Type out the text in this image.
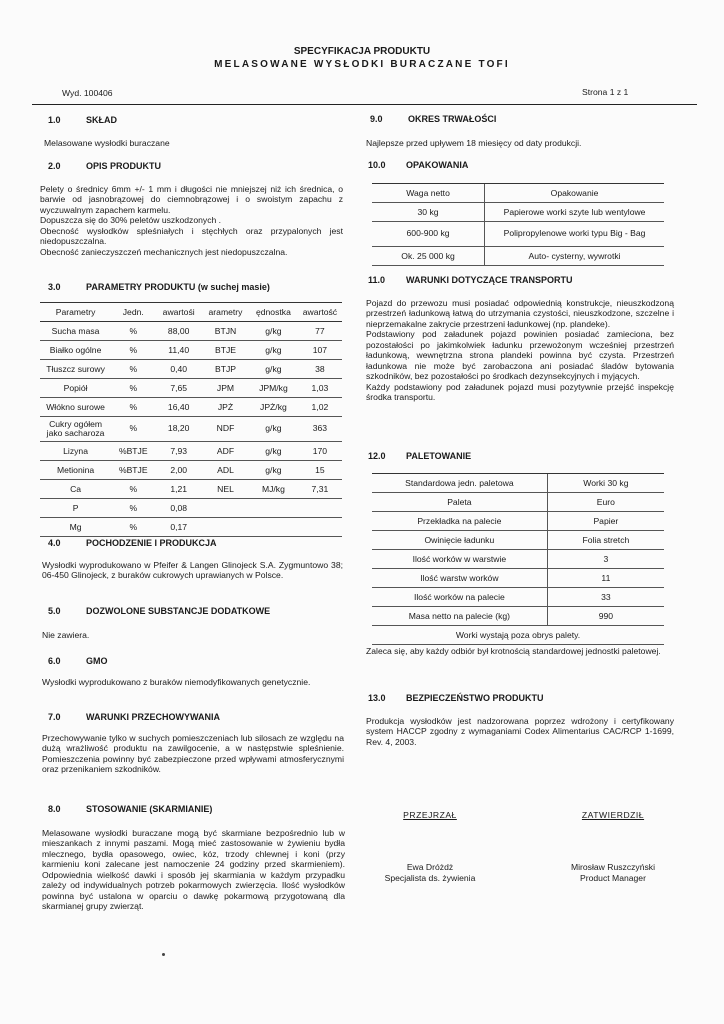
SPECYFIKACJA PRODUKTU
MELASOWANE WYSŁODKI BURACZANE TOFI
Wyd. 100406	Strona 1 z 1
1.0	SKŁAD
Melasowane wysłodki buraczane
2.0	OPIS PRODUKTU
Pelety o średnicy 6mm +/- 1 mm i długości nie mniejszej niż ich średnica, o barwie od jasnobrązowej do ciemnobrązowej i o swoistym zapachu z wyczuwalnym zapachem karmelu.
Dopuszcza się do 30% peletów uszkodzonych .
Obecność wysłodków spleśniałych i stęchłych oraz przypalonych jest niedopuszczalna.
Obecność zanieczyszczeń mechanicznych jest niedopuszczalna.
3.0	PARAMETRY PRODUKTU (w suchej masie)
Parametry	Jedn.	awartośi	arametry	ędnostka	awartość
Sucha masa	%	88,00	BTJN	g/kg	77
Białko ogólne	%	11,40	BTJE	g/kg	107
Tłuszcz surowy	%	0,40	BTJP	g/kg	38
Popiół	%	7,65	JPM	JPM/kg	1,03
Włókno surowe	%	16,40	JPŻ	JPŻ/kg	1,02
Cukry ogółem jako sacharoza	%	18,20	NDF	g/kg	363
Lizyna	%BTJE	7,93	ADF	g/kg	170
Metionina	%BTJE	2,00	ADL	g/kg	15
Ca	%	1,21	NEL	MJ/kg	7,31
P	%	0,08			
Mg	%	0,17			
4.0	POCHODZENIE I PRODUKCJA
Wysłodki wyprodukowano w Pfeifer & Langen Glinojeck S.A. Zygmuntowo 38; 06-450 Glinojeck, z buraków cukrowych uprawianych w Polsce.
5.0	DOZWOLONE SUBSTANCJE DODATKOWE
Nie zawiera.
6.0	GMO
Wysłodki wyprodukowano z buraków niemodyfikowanych genetycznie.
7.0	WARUNKI PRZECHOWYWANIA
Przechowywanie tylko w suchych pomieszczeniach lub silosach ze względu na dużą wrażliwość produktu na zawilgocenie, a w następstwie spleśnienie. Pomieszczenia powinny być zabezpieczone przed wpływami atmosferycznymi oraz przenikaniem szkodników.
8.0	STOSOWANIE (SKARMIANIE)
Melasowane wysłodki buraczane mogą być skarmiane bezpośrednio lub w mieszankach z innymi paszami. Mogą mieć zastosowanie w żywieniu bydła mlecznego, bydła opasowego, owiec, kóz, trzody chlewnej i koni (przy karmieniu koni zalecane jest namoczenie 24 godziny przed skarmieniem). Odpowiednia wielkość dawki i sposób jej skarmiania w każdym przypadku zależy od indywidualnych potrzeb pokarmowych zwierzęcia. Ilość wysłodków powinna być ustalona w oparciu o dawkę pokarmową przygotowaną dla skarmianej grupy zwierząt.
9.0	OKRES TRWAŁOŚCI
Najlepsze przed upływem 18 miesięcy od daty produkcji.
10.0 OPAKOWANIA
Waga netto	Opakowanie
30 kg	Papierowe worki szyte lub wentylowe
600-900 kg	Polipropylenowe worki typu Big - Bag
Ok. 25 000 kg	Auto- cysterny, wywrotki
11.0 WARUNKI DOTYCZĄCE TRANSPORTU
Pojazd do przewozu musi posiadać odpowiednią konstrukcje, nieuszkodzoną przestrzeń ładunkową łatwą do utrzymania czystości, nieuszkodzone, szczelne i nieprzemakalne zakrycie przestrzeni ładunkowej (np. plandeke).
Podstawiony pod załadunek pojazd powinien posiadać zamieciona, bez pozostałości po jakimkolwiek ładunku przewożonym wcześniej przestrzeń ładunkową, wewnętrzna strona plandeki powinna być czysta. Przestrzeń ładunkowa nie może być zarobaczona ani posiadać śladów bytowania szkodników, bez pozostałości po środkach dezynsekcyjnych i myjących.
Każdy podstawiony pod załadunek pojazd musi pozytywnie przejść inspekcję środka transportu.
12.0 PALETOWANIE
Standardowa jedn. paletowa	Worki 30 kg
Paleta	Euro
Przekładka na palecie	Papier
Owinięcie ładunku	Folia stretch
Ilość worków w warstwie	3
Ilość warstw worków	11
Ilość worków na palecie	33
Masa netto na palecie (kg)	990
Worki wystają poza obrys palety.	
Zaleca się, aby każdy odbiór był krotnością standardowej jednostki paletowej.
13.0 BEZPIECZEŃSTWO PRODUKTU
Produkcja wysłodków jest nadzorowana poprzez wdrożony i certyfikowany system HACCP zgodny z wymaganiami Codex Alimentarius CAC/RCP 1-1699, Rev. 4, 2003.
PRZEJRZAŁ
Ewa Dróżdż
Specjalista ds. żywienia
ZATWIERDZIŁ
Mirosław Ruszczyński
Product Manager
